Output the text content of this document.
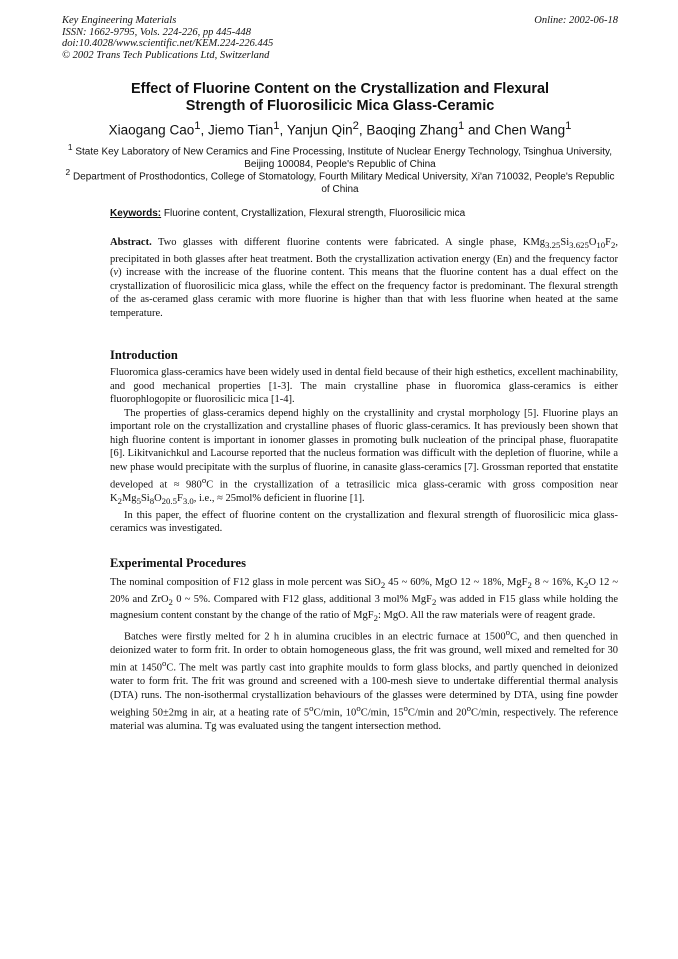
Key Engineering Materials
ISSN: 1662-9795, Vols. 224-226, pp 445-448
doi:10.4028/www.scientific.net/KEM.224-226.445
© 2002 Trans Tech Publications Ltd, Switzerland
Online: 2002-06-18
Effect of Fluorine Content on the Crystallization and Flexural
Strength of Fluorosilicic Mica Glass-Ceramic
Xiaogang Cao$^1$, Jiemo Tian$^1$, Yanjun Qin$^2$, Baoqing Zhang$^1$ and Chen Wang$^1$
$^1$ State Key Laboratory of New Ceramics and Fine Processing, Institute of Nuclear Energy Technology, Tsinghua University, Beijing 100084, People's Republic of China
$^2$ Department of Prosthodontics, College of Stomatology, Fourth Military Medical University, Xi'an 710032, People's Republic of China
Keywords: Fluorine content, Crystallization, Flexural strength, Fluorosilicic mica

Abstract. Two glasses with different fluorine contents were fabricated. A single phase, $KMg_{3.25}Si_{3.625}O_{10}F_2$, precipitated in both glasses after heat treatment. Both the crystallization activation energy (En) and the frequency factor (ν) increase with the increase of the fluorine content. This means that the fluorine content has a dual effect on the crystallization of fluorosilicic mica glass, while the effect on the frequency factor is predominant. The flexural strength of the as-ceramed glass ceramic with more fluorine is higher than that with less fluorine when heated at the same temperature.

Introduction

Fluoromica glass-ceramics have been widely used in dental field because of their high esthetics, excellent machinability, and good mechanical properties [1-3]. The main crystalline phase in fluoromica glass-ceramics is either fluorophlogopite or fluorosilicic mica [1-4].

The properties of glass-ceramics depend highly on the crystallinity and crystal morphology [5]. Fluorine plays an important role on the crystallization and crystalline phases of fluoric glass-ceramics. It has previously been shown that high fluorine content is important in ionomer glasses in promoting bulk nucleation of the principal phase, fluorapatite [6]. Likitvanichkul and Lacourse reported that the nucleus formation was difficult with the depletion of fluorine, while a new phase would precipitate with the surplus of fluorine, in canasite glass-ceramics [7]. Grossman reported that enstatite developed at ≈ $980^oC$ in the crystallization of a tetrasilicic mica glass-ceramic with gross composition near $K_2Mg_5Si_8O_{20.5}F_{3.0}$, i.e., ≈ 25mol% deficient in fluorine [1].

In this paper, the effect of fluorine content on the crystallization and flexural strength of fluorosilicic mica glass-ceramics was investigated.

Experimental Procedures

The nominal composition of F12 glass in mole percent was SiO$_2$ 45 ~ 60%, MgO 12 ~ 18%, MgF$_2$ 8 ~ 16%, $K_2O$ 12 ~ 20% and ZrO$_2$ 0 ~ 5%. Compared with F12 glass, additional 3 mol% MgF$_2$ was added in F15 glass while holding the magnesium content constant by the change of the ratio of MgF$_2$: MgO. All the raw materials were of reagent grade.

Batches were firstly melted for 2 h in alumina crucibles in an electric furnace at 1500$^o$C, and then quenched in deionized water to form frit. In order to obtain homogeneous glass, the frit was ground, well mixed and remelted for 30 min at 1450$^o$C. The melt was partly cast into graphite moulds to form glass blocks, and partly quenched in deionized water to form frit. The frit was ground and screened with a 100-mesh sieve to undertake differential thermal analysis (DTA) runs. The non-isothermal crystallization behaviours of the glasses were determined by DTA, using fine powder weighing 50±2mg in air, at a heating rate of 5$^o$C/min, 10$^o$C/min, 15$^o$C/min and 20$^o$C/min, respectively. The reference material was alumina. Tg was evaluated using the tangent intersection method.
